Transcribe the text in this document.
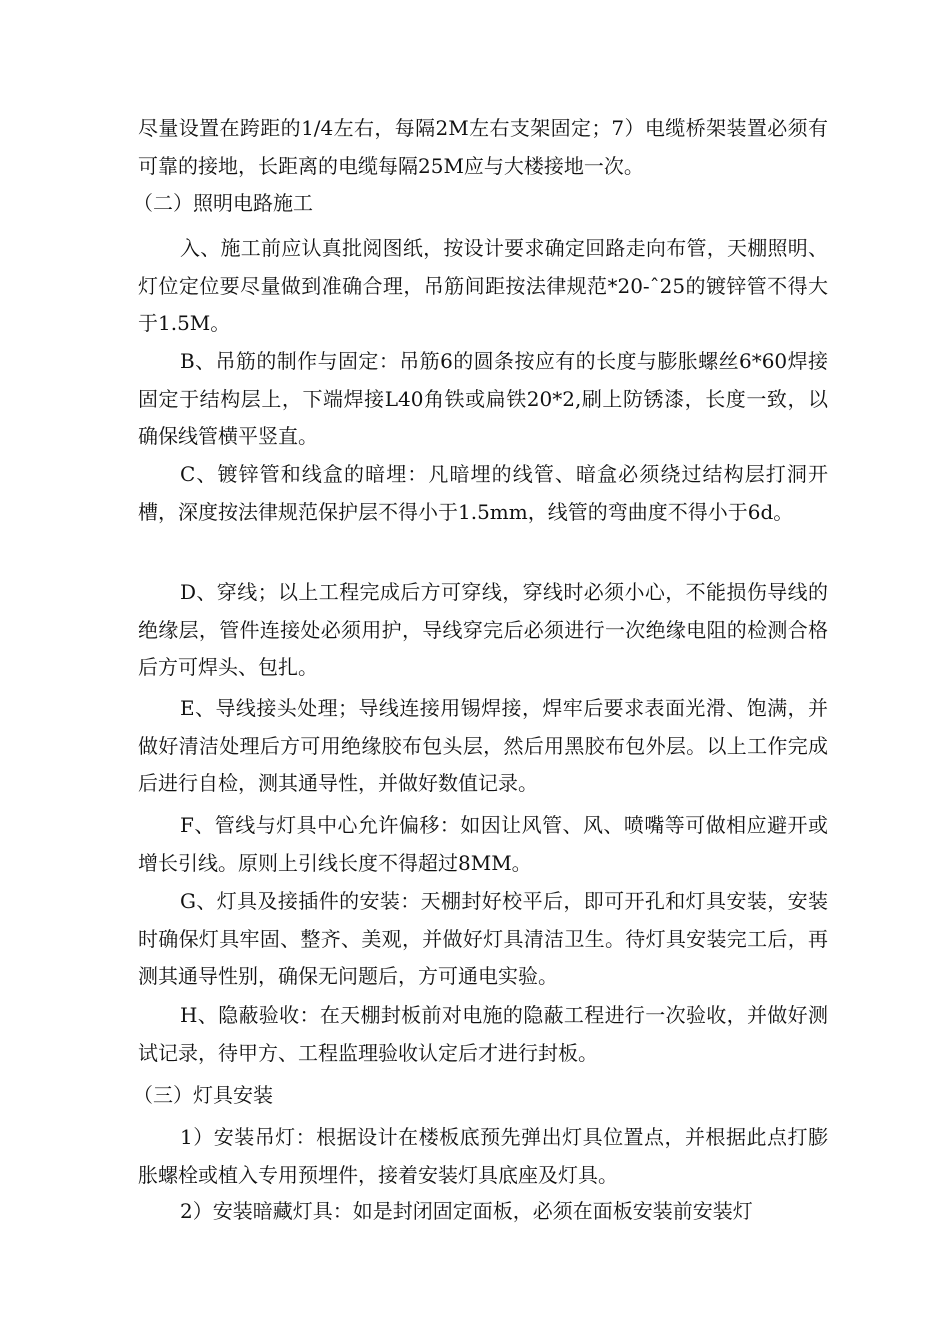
尽量设置在跨距的1/4左右，每隔2M左右支架固定；7）电缆桥架装置必须有可靠的接地，长距离的电缆每隔25M应与大楼接地一次。

（二）照明电路施工

入、施工前应认真批阅图纸，按设计要求确定回路走向布管，天棚照明、灯位定位要尽量做到准确合理，吊筋间距按法律规范*20-ˆ25的镀锌管不得大于1.5M。

B、吊筋的制作与固定：吊筋6的圆条按应有的长度与膨胀螺丝6*60焊接固定于结构层上，下端焊接L40角铁或扁铁20*2,刷上防锈漆，长度一致，以确保线管横平竖直。

C、镀锌管和线盒的暗埋：凡暗埋的线管、暗盒必须绕过结构层打洞开槽，深度按法律规范保护层不得小于1.5mm，线管的弯曲度不得小于6d。

D、穿线；以上工程完成后方可穿线，穿线时必须小心，不能损伤导线的绝缘层，管件连接处必须用护，导线穿完后必须进行一次绝缘电阻的检测合格后方可焊头、包扎。

E、导线接头处理；导线连接用锡焊接，焊牢后要求表面光滑、饱满，并做好清洁处理后方可用绝缘胶布包头层，然后用黑胶布包外层。以上工作完成后进行自检，测其通导性，并做好数值记录。

F、管线与灯具中心允许偏移：如因让风管、风、喷嘴等可做相应避开或增长引线。原则上引线长度不得超过8MM。

G、灯具及接插件的安装：天棚封好校平后，即可开孔和灯具安装，安装时确保灯具牢固、整齐、美观，并做好灯具清洁卫生。待灯具安装完工后，再测其通导性别，确保无问题后，方可通电实验。

H、隐蔽验收：在天棚封板前对电施的隐蔽工程进行一次验收，并做好测试记录，待甲方、工程监理验收认定后才进行封板。

（三）灯具安装

1）安装吊灯：根据设计在楼板底预先弹出灯具位置点，并根据此点打膨胀螺栓或植入专用预埋件，接着安装灯具底座及灯具。

2）安装暗藏灯具：如是封闭固定面板，必须在面板安装前安装灯
